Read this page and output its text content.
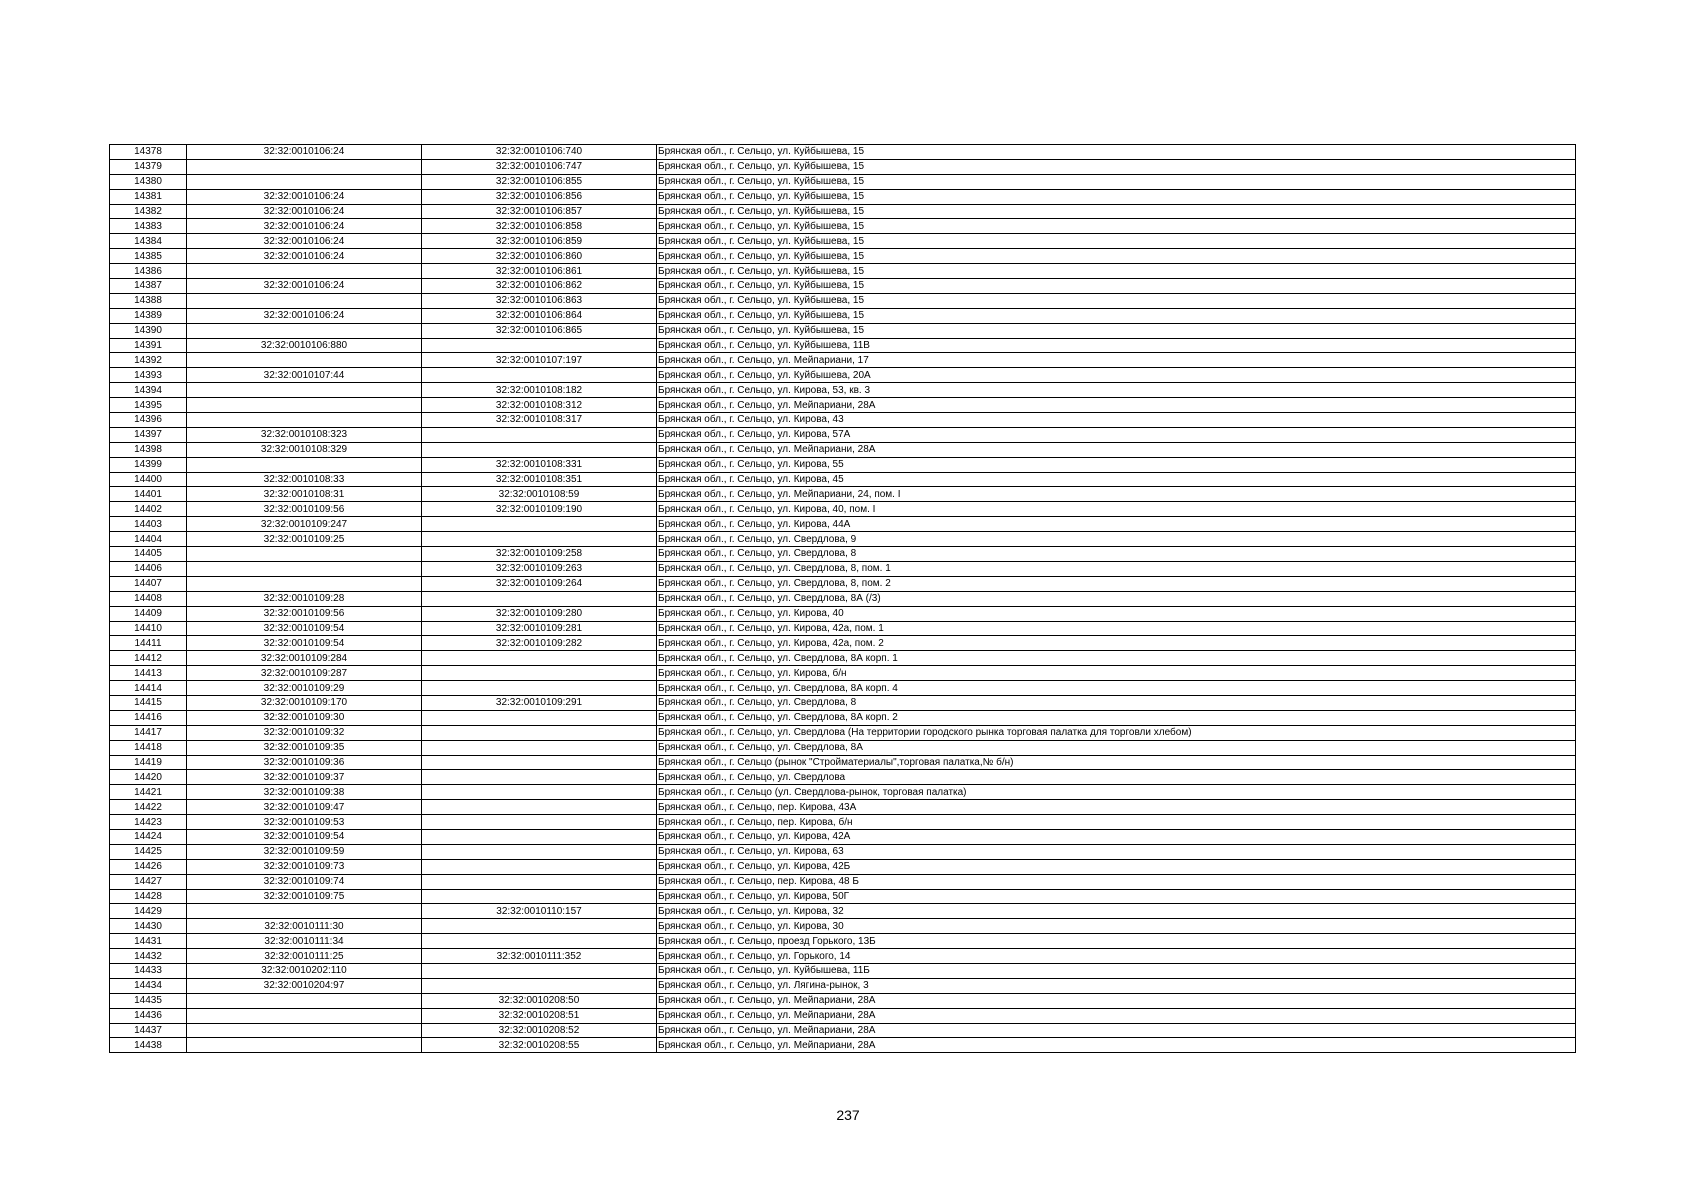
14378	32:32:0010106:24	32:32:0010106:740	Брянская обл., г. Сельцо, ул. Куйбышева, 15
14379		32:32:0010106:747	Брянская обл., г. Сельцо, ул. Куйбышева, 15
14380		32:32:0010106:855	Брянская обл., г. Сельцо, ул. Куйбышева, 15
14381	32:32:0010106:24	32:32:0010106:856	Брянская обл., г. Сельцо, ул. Куйбышева, 15
14382	32:32:0010106:24	32:32:0010106:857	Брянская обл., г. Сельцо, ул. Куйбышева, 15
14383	32:32:0010106:24	32:32:0010106:858	Брянская обл., г. Сельцо, ул. Куйбышева, 15
14384	32:32:0010106:24	32:32:0010106:859	Брянская обл., г. Сельцо, ул. Куйбышева, 15
14385	32:32:0010106:24	32:32:0010106:860	Брянская обл., г. Сельцо, ул. Куйбышева, 15
14386		32:32:0010106:861	Брянская обл., г. Сельцо, ул. Куйбышева, 15
14387	32:32:0010106:24	32:32:0010106:862	Брянская обл., г. Сельцо, ул. Куйбышева, 15
14388		32:32:0010106:863	Брянская обл., г. Сельцо, ул. Куйбышева, 15
14389	32:32:0010106:24	32:32:0010106:864	Брянская обл., г. Сельцо, ул. Куйбышева, 15
14390		32:32:0010106:865	Брянская обл., г. Сельцо, ул. Куйбышева, 15
14391	32:32:0010106:880		Брянская обл., г. Сельцо, ул. Куйбышева, 11В
14392		32:32:0010107:197	Брянская обл., г. Сельцо, ул. Мейпариани, 17
14393	32:32:0010107:44		Брянская обл., г. Сельцо, ул. Куйбышева, 20А
14394		32:32:0010108:182	Брянская обл., г. Сельцо, ул. Кирова, 53, кв. 3
14395		32:32:0010108:312	Брянская обл., г. Сельцо, ул. Мейпариани, 28А
14396		32:32:0010108:317	Брянская обл., г. Сельцо, ул. Кирова, 43
14397	32:32:0010108:323		Брянская обл., г. Сельцо, ул. Кирова, 57А
14398	32:32:0010108:329		Брянская обл., г. Сельцо, ул. Мейпариани, 28А
14399		32:32:0010108:331	Брянская обл., г. Сельцо, ул. Кирова, 55
14400	32:32:0010108:33	32:32:0010108:351	Брянская обл., г. Сельцо, ул. Кирова, 45
14401	32:32:0010108:31	32:32:0010108:59	Брянская обл., г. Сельцо, ул. Мейпариани, 24, пом. I
14402	32:32:0010109:56	32:32:0010109:190	Брянская обл., г. Сельцо, ул. Кирова, 40, пом. I
14403	32:32:0010109:247		Брянская обл., г. Сельцо, ул. Кирова, 44А
14404	32:32:0010109:25		Брянская обл., г. Сельцо, ул. Свердлова, 9
14405		32:32:0010109:258	Брянская обл., г. Сельцо, ул. Свердлова, 8
14406		32:32:0010109:263	Брянская обл., г. Сельцо, ул. Свердлова, 8, пом. 1
14407		32:32:0010109:264	Брянская обл., г. Сельцо, ул. Свердлова, 8, пом. 2
14408	32:32:0010109:28		Брянская обл., г. Сельцо, ул. Свердлова, 8А (/3)
14409	32:32:0010109:56	32:32:0010109:280	Брянская обл., г. Сельцо, ул. Кирова, 40
14410	32:32:0010109:54	32:32:0010109:281	Брянская обл., г. Сельцо, ул. Кирова, 42а, пом. 1
14411	32:32:0010109:54	32:32:0010109:282	Брянская обл., г. Сельцо, ул. Кирова, 42а, пом. 2
14412	32:32:0010109:284		Брянская обл., г. Сельцо, ул. Свердлова, 8А корп. 1
14413	32:32:0010109:287		Брянская обл., г. Сельцо, ул. Кирова, б/н
14414	32:32:0010109:29		Брянская обл., г. Сельцо, ул. Свердлова, 8А корп. 4
14415	32:32:0010109:170	32:32:0010109:291	Брянская обл., г. Сельцо, ул. Свердлова, 8
14416	32:32:0010109:30		Брянская обл., г. Сельцо, ул. Свердлова, 8А корп. 2
14417	32:32:0010109:32		Брянская обл., г. Сельцо, ул. Свердлова (На территории городского рынка торговая палатка для торговли хлебом)
14418	32:32:0010109:35		Брянская обл., г. Сельцо, ул. Свердлова, 8А
14419	32:32:0010109:36		Брянская обл., г. Сельцо (рынок "Стройматериалы",торговая палатка,№ б/н)
14420	32:32:0010109:37		Брянская обл., г. Сельцо, ул. Свердлова
14421	32:32:0010109:38		Брянская обл., г. Сельцо (ул. Свердлова-рынок, торговая палатка)
14422	32:32:0010109:47		Брянская обл., г. Сельцо, пер. Кирова, 43А
14423	32:32:0010109:53		Брянская обл., г. Сельцо, пер. Кирова, б/н
14424	32:32:0010109:54		Брянская обл., г. Сельцо, ул. Кирова, 42А
14425	32:32:0010109:59		Брянская обл., г. Сельцо, ул. Кирова, 63
14426	32:32:0010109:73		Брянская обл., г. Сельцо, ул. Кирова, 42Б
14427	32:32:0010109:74		Брянская обл., г. Сельцо, пер. Кирова, 48 Б
14428	32:32:0010109:75		Брянская обл., г. Сельцо, ул. Кирова, 50Г
14429		32:32:0010110:157	Брянская обл., г. Сельцо, ул. Кирова, 32
14430	32:32:0010111:30		Брянская обл., г. Сельцо, ул. Кирова, 30
14431	32:32:0010111:34		Брянская обл., г. Сельцо, проезд Горького, 13Б
14432	32:32:0010111:25	32:32:0010111:352	Брянская обл., г. Сельцо, ул. Горького, 14
14433	32:32:0010202:110		Брянская обл., г. Сельцо, ул. Куйбышева, 11Б
14434	32:32:0010204:97		Брянская обл., г. Сельцо, ул. Лягина-рынок, 3
14435		32:32:0010208:50	Брянская обл., г. Сельцо, ул. Мейпариани, 28А
14436		32:32:0010208:51	Брянская обл., г. Сельцо, ул. Мейпариани, 28А
14437		32:32:0010208:52	Брянская обл., г. Сельцо, ул. Мейпариани, 28А
14438		32:32:0010208:55	Брянская обл., г. Сельцо, ул. Мейпариани, 28А
237
